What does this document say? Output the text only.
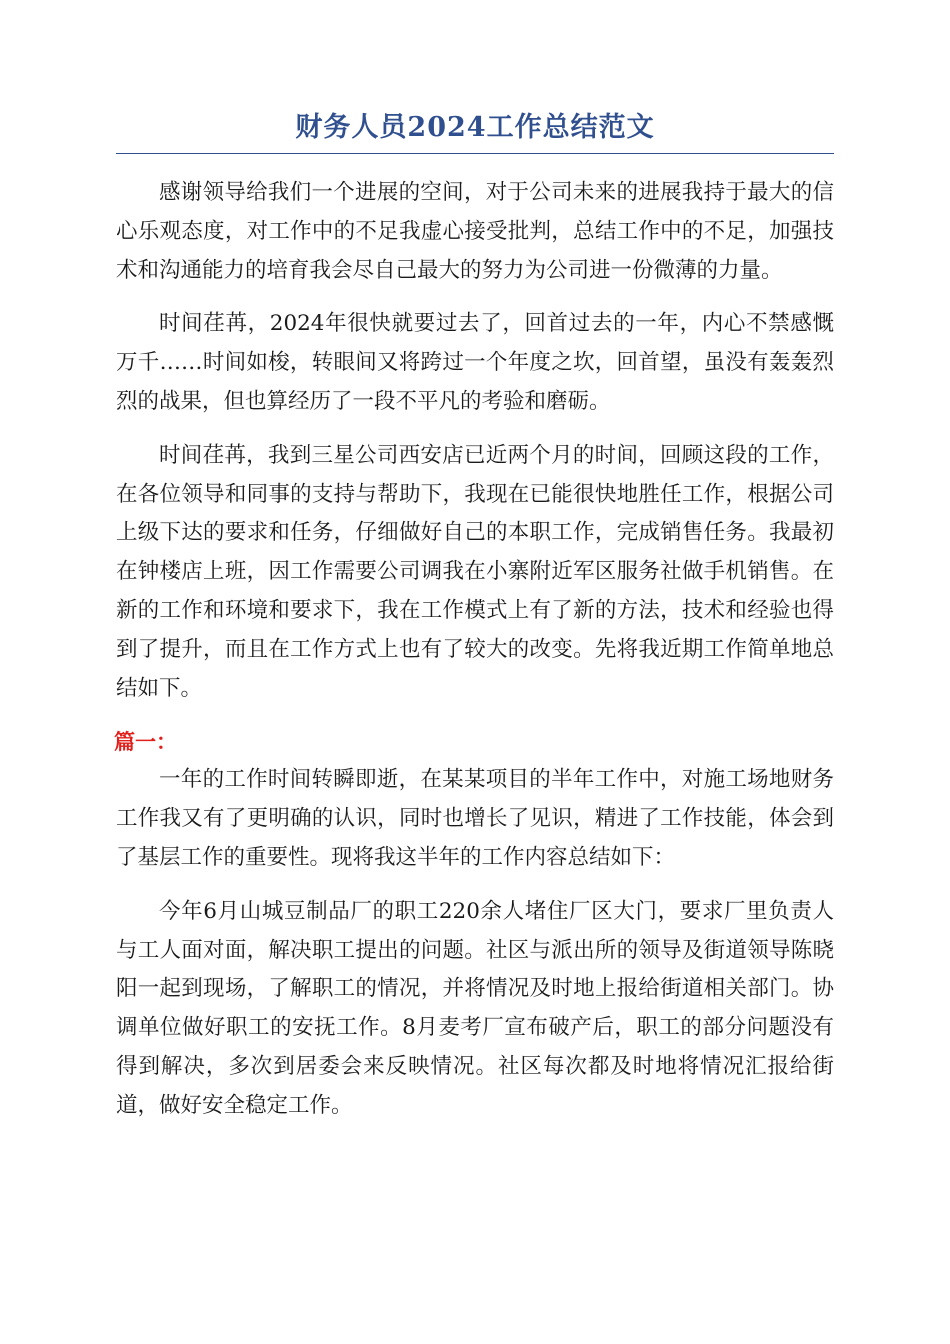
财务人员2024工作总结范文

感谢领导给我们一个进展的空间，对于公司未来的进展我持于最大的信心乐观态度，对工作中的不足我虚心接受批判，总结工作中的不足，加强技术和沟通能力的培育我会尽自己最大的努力为公司进一份微薄的力量。

时间荏苒，2024年很快就要过去了，回首过去的一年，内心不禁感慨万千……时间如梭，转眼间又将跨过一个年度之坎，回首望，虽没有轰轰烈烈的战果，但也算经历了一段不平凡的考验和磨砺。

时间荏苒，我到三星公司西安店已近两个月的时间，回顾这段的工作，在各位领导和同事的支持与帮助下，我现在已能很快地胜任工作，根据公司上级下达的要求和任务，仔细做好自己的本职工作，完成销售任务。我最初在钟楼店上班，因工作需要公司调我在小寨附近军区服务社做手机销售。在新的工作和环境和要求下，我在工作模式上有了新的方法，技术和经验也得到了提升，而且在工作方式上也有了较大的改变。先将我近期工作简单地总结如下。

篇一：

一年的工作时间转瞬即逝，在某某项目的半年工作中，对施工场地财务工作我又有了更明确的认识，同时也增长了见识，精进了工作技能，体会到了基层工作的重要性。现将我这半年的工作内容总结如下：

今年6月山城豆制品厂的职工220余人堵住厂区大门，要求厂里负责人与工人面对面，解决职工提出的问题。社区与派出所的领导及街道领导陈晓阳一起到现场，了解职工的情况，并将情况及时地上报给街道相关部门。协调单位做好职工的安抚工作。8月麦考厂宣布破产后，职工的部分问题没有得到解决，多次到居委会来反映情况。社区每次都及时地将情况汇报给街道，做好安全稳定工作。
